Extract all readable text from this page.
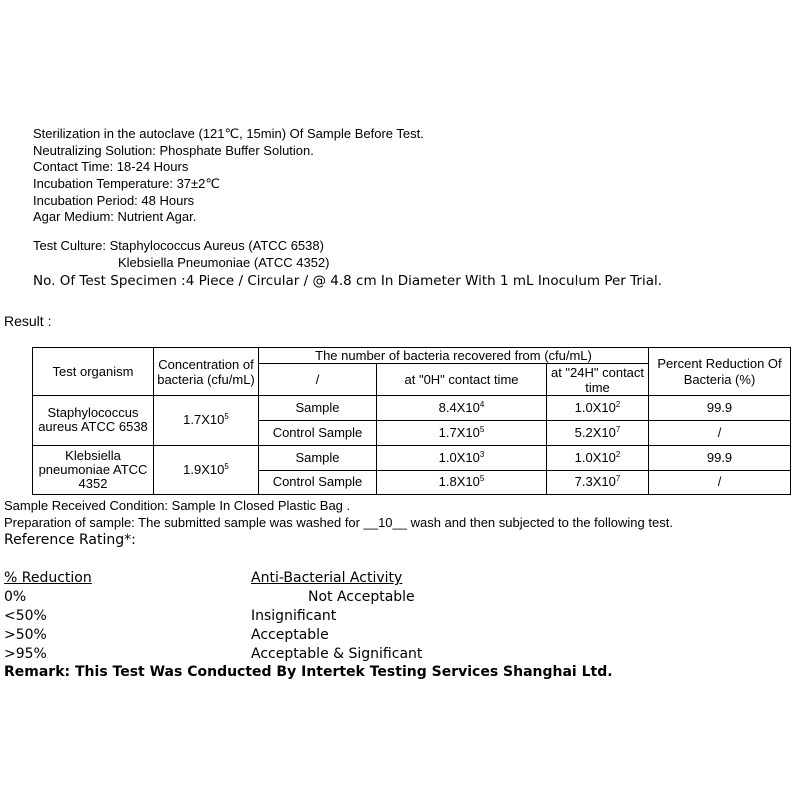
Sterilization in the autoclave (121℃, 15min) Of Sample Before Test.
Neutralizing Solution: Phosphate Buffer Solution.
Contact Time: 18-24 Hours
Incubation Temperature: 37±2℃
Incubation Period: 48 Hours
Agar Medium: Nutrient Agar.
Test Culture: Staphylococcus Aureus (ATCC 6538)
Klebsiella Pneumoniae (ATCC 4352)
No. Of Test Specimen :4 Piece / Circular / @ 4.8 cm In Diameter With 1 mL Inoculum Per Trial.
Result :
Test organism	Concentration of bacteria (cfu/mL)	The number of bacteria recovered from (cfu/mL)			Percent Reduction Of Bacteria (%)
		/	at "0H" contact time	at "24H" contact time	
Staphylococcus aureus ATCC 6538	$1.7X10^5$	Sample	$8.4X10^4$	$1.0X10^2$	99.9
		Control Sample	$1.7X10^5$	$5.2X10^7$	/
Klebsiella pneumoniae ATCC 4352	$1.9X10^5$	Sample	$1.0X10^3$	$1.0X10^2$	99.9
		Control Sample	$1.8X10^5$	$7.3X10^7$	/
Sample Received Condition: Sample In Closed Plastic Bag .
Preparation of sample: The submitted sample was washed for __10__ wash and then subjected to the following test.
Reference Rating*:
% Reduction	Anti-Bacterial Activity
0%	Not Acceptable
<50%	Insignificant
>50%	Acceptable
>95%	Acceptable & Significant
Remark: This Test Was Conducted By Intertek Testing Services Shanghai Ltd.
